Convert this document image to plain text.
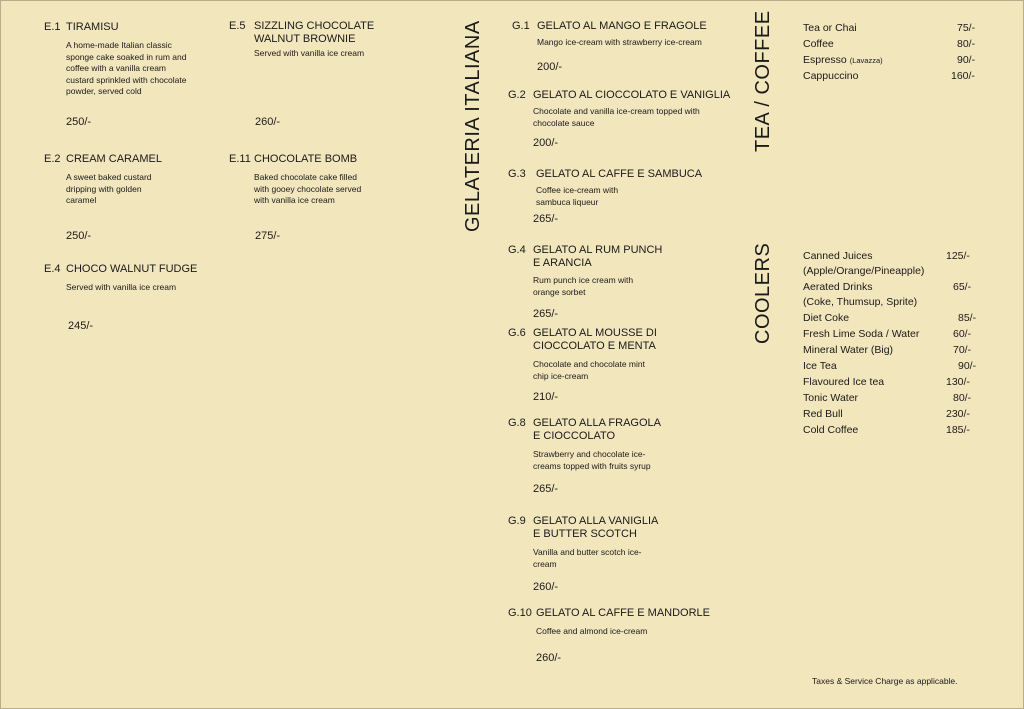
E.1 TIRAMISU
A home-made Italian classic sponge cake soaked in rum and coffee with a vanilla cream custard sprinkled with chocolate powder, served cold
250/-
E.2 CREAM CARAMEL
A sweet baked custard dripping with golden caramel
250/-
E.4 CHOCO WALNUT FUDGE
Served with vanilla ice cream
245/-
E.5 SIZZLING CHOCOLATE WALNUT BROWNIE
Served with vanilla ice cream
260/-
E.11 CHOCOLATE BOMB
Baked chocolate cake filled with gooey chocolate served with vanilla ice cream
275/-
GELATERIA ITALIANA	G.1 GELATO AL MANGO E FRAGOLE
Mango ice-cream with strawberry ice-cream
200/-
G.2 GELATO AL CIOCCOLATO E VANIGLIA
Chocolate and vanilla ice-cream topped with chocolate sauce
200/-
G.3 GELATO AL CAFFE E SAMBUCA
Coffee ice-cream with sambuca liqueur
265/-
G.4 GELATO AL RUM PUNCH E ARANCIA
Rum punch ice cream with orange sorbet
265/-
G.6 GELATO AL MOUSSE DI CIOCCOLATO E MENTA
Chocolate and chocolate mint chip ice-cream
210/-
G.8 GELATO ALLA FRAGOLA E CIOCCOLATO
Strawberry and chocolate ice-creams topped with fruits syrup
265/-
G.9 GELATO ALLA VANIGLIA E BUTTER SCOTCH
Vanilla and butter scotch ice-cream
260/-
G.10 GELATO AL CAFFE E MANDORLE
Coffee and almond ice-cream
260/-
TEA / COFFEE	Tea or Chai	75/-
Coffee	80/-
Espresso (Lavazza)	90/-
Cappuccino	160/-
COOLERS	Canned Juices	125/-
(Apple/Orange/Pineapple)
Aerated Drinks	65/-
(Coke, Thumsup, Sprite)
Diet Coke	85/-
Fresh Lime Soda / Water	60/-
Mineral Water (Big)	70/-
Ice Tea	90/-
Flavoured Ice tea	130/-
Tonic Water	80/-
Red Bull	230/-
Cold Coffee	185/-
Taxes & Service Charge as applicable.
